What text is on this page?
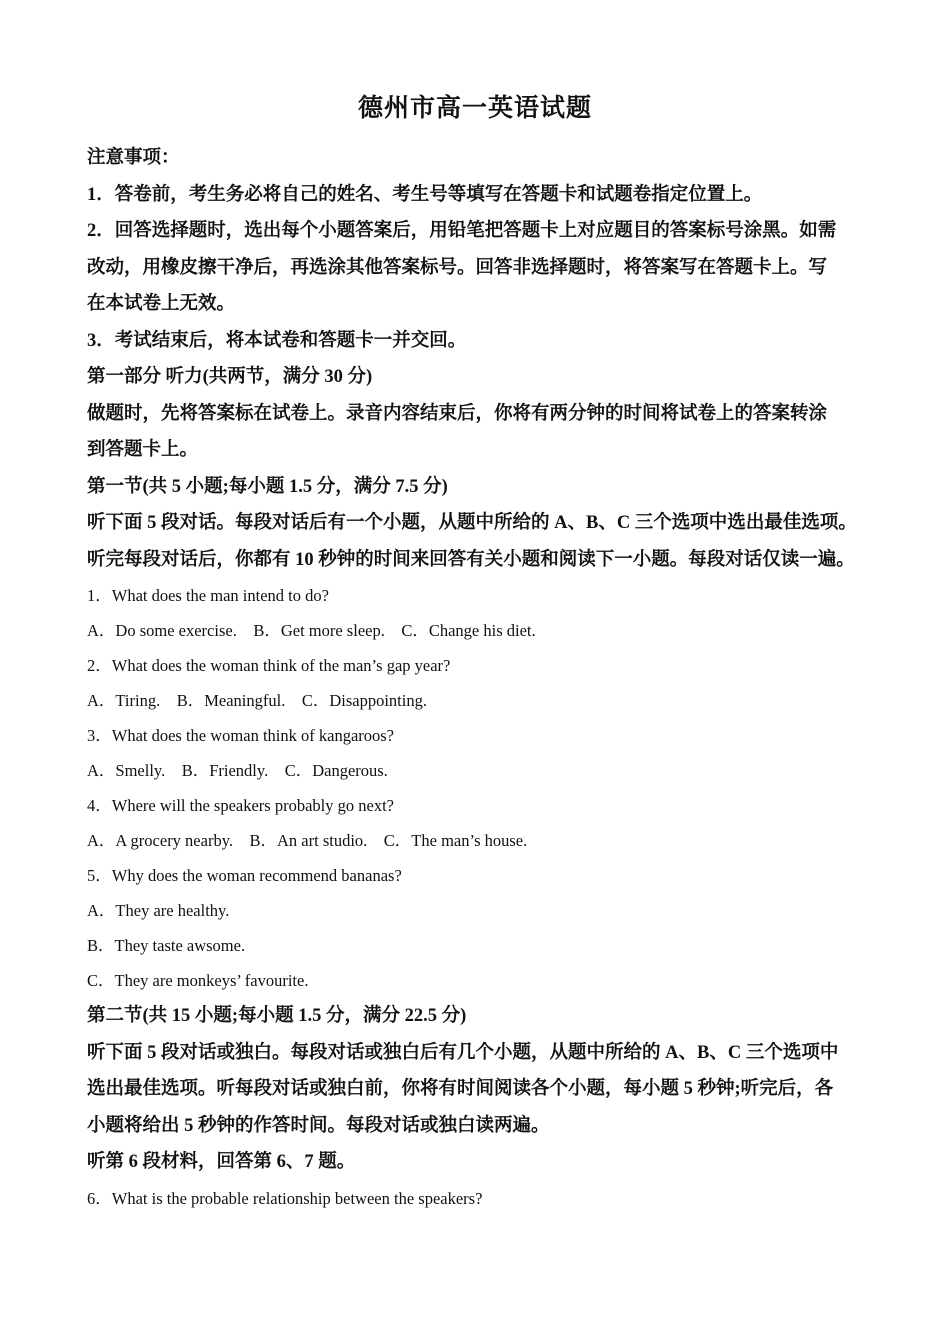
德州市高一英语试题
注意事项：
1．答卷前，考生务必将自己的姓名、考生号等填写在答题卡和试题卷指定位置上。
2．回答选择题时，选出每个小题答案后，用铅笔把答题卡上对应题目的答案标号涂黑。如需
改动，用橡皮擦干净后，再选涂其他答案标号。回答非选择题时，将答案写在答题卡上。写
在本试卷上无效。
3．考试结束后，将本试卷和答题卡一并交回。
第一部分 听力(共两节，满分 30 分)
做题时，先将答案标在试卷上。录音内容结束后，你将有两分钟的时间将试卷上的答案转涂
到答题卡上。
第一节(共 5 小题;每小题 1.5 分，满分 7.5 分)
听下面 5 段对话。每段对话后有一个小题，从题中所给的 A、B、C 三个选项中选出最佳选项。
听完每段对话后，你都有 10 秒钟的时间来回答有关小题和阅读下一小题。每段对话仅读一遍。
1．What does the man intend to do?
A．Do some exercise.    B．Get more sleep.    C．Change his diet.
2．What does the woman think of the man’s gap year?
A．Tiring.    B．Meaningful.    C．Disappointing.
3．What does the woman think of kangaroos?
A．Smelly.    B．Friendly.    C．Dangerous.
4．Where will the speakers probably go next?
A．A grocery nearby.    B．An art studio.    C．The man’s house.
5．Why does the woman recommend bananas?
A．They are healthy.
B．They taste awsome.
C．They are monkeys’ favourite.
第二节(共 15 小题;每小题 1.5 分，满分 22.5 分)
听下面 5 段对话或独白。每段对话或独白后有几个小题，从题中所给的 A、B、C 三个选项中
选出最佳选项。听每段对话或独白前，你将有时间阅读各个小题，每小题 5 秒钟;听完后，各
小题将给出 5 秒钟的作答时间。每段对话或独白读两遍。
听第 6 段材料，回答第 6、7 题。
6．What is the probable relationship between the speakers?
